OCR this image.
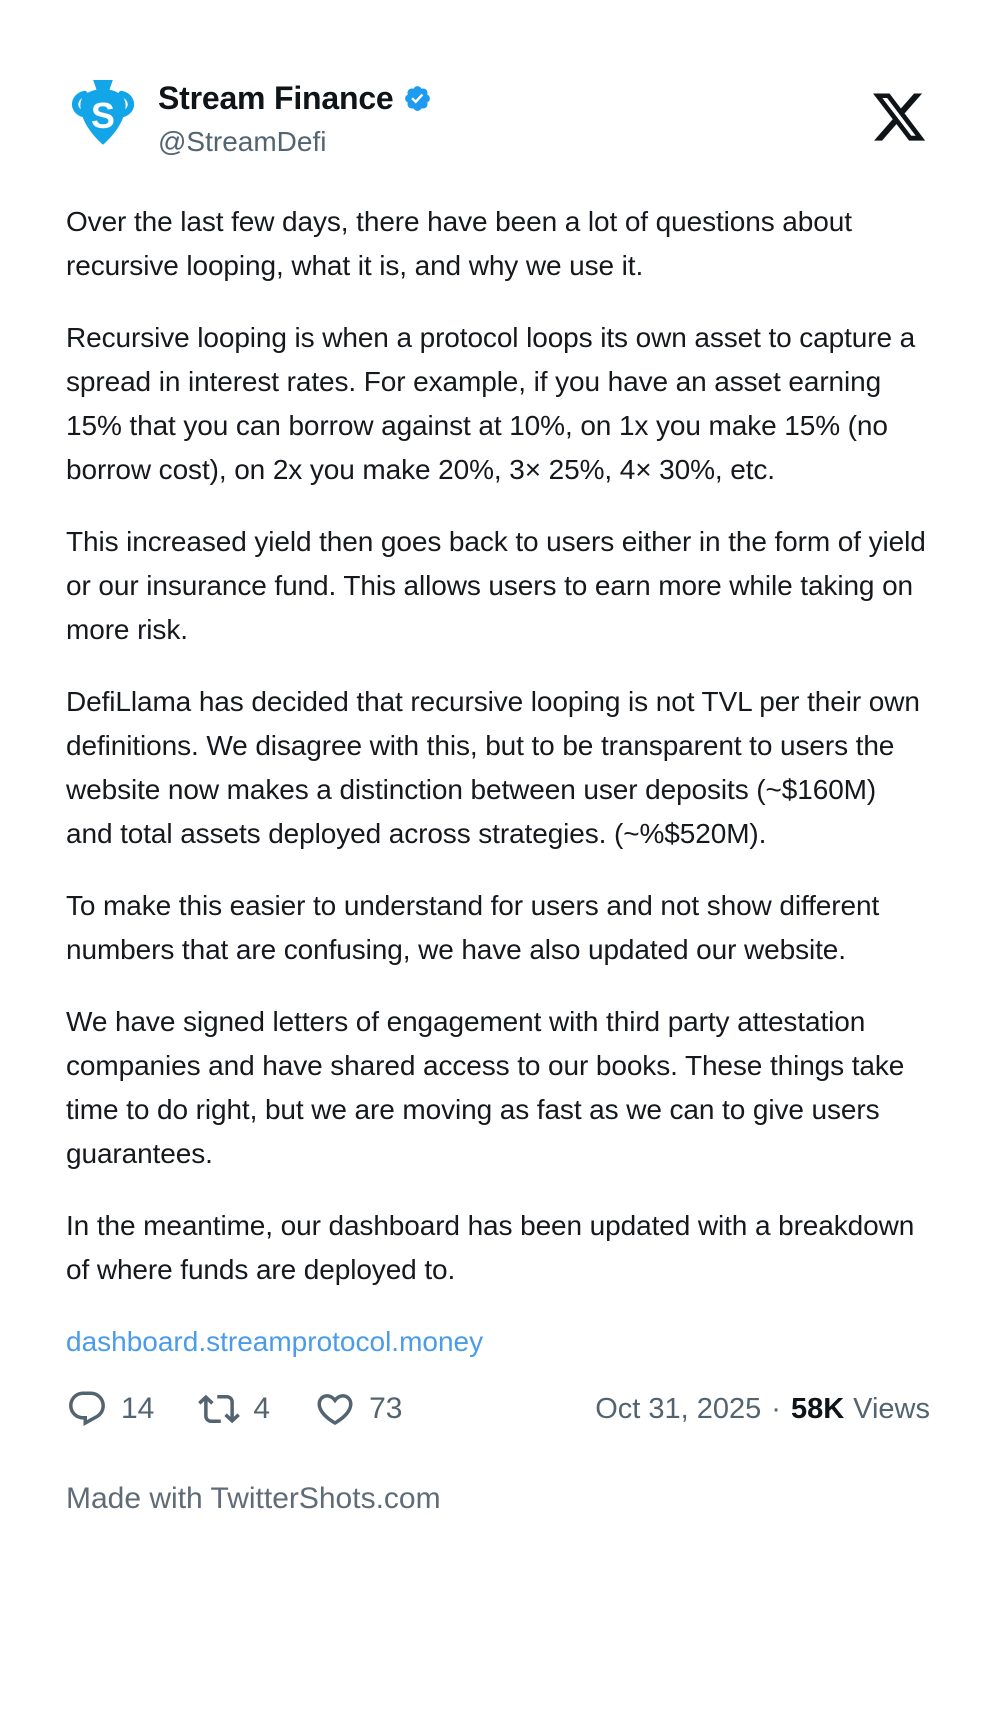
S Stream Finance
@StreamDefi

Over the last few days, there have been a lot of questions about recursive looping, what it is, and why we use it.

Recursive looping is when a protocol loops its own asset to capture a spread in interest rates. For example, if you have an asset earning 15% that you can borrow against at 10%, on 1x you make 15% (no borrow cost), on 2x you make 20%, 3× 25%, 4× 30%, etc.

This increased yield then goes back to users either in the form of yield or our insurance fund. This allows users to earn more while taking on more risk.

DefiLlama has decided that recursive looping is not TVL per their own definitions. We disagree with this, but to be transparent to users the website now makes a distinction between user deposits (~$160M) and total assets deployed across strategies. (~%$520M).

To make this easier to understand for users and not show different numbers that are confusing, we have also updated our website.

We have signed letters of engagement with third party attestation companies and have shared access to our books. These things take time to do right, but we are moving as fast as we can to give users guarantees.

In the meantime, our dashboard has been updated with a breakdown of where funds are deployed to.

dashboard.streamprotocol.money
14	4	73	Oct 31, 2025 · 58K Views
Made with TwitterShots.com
